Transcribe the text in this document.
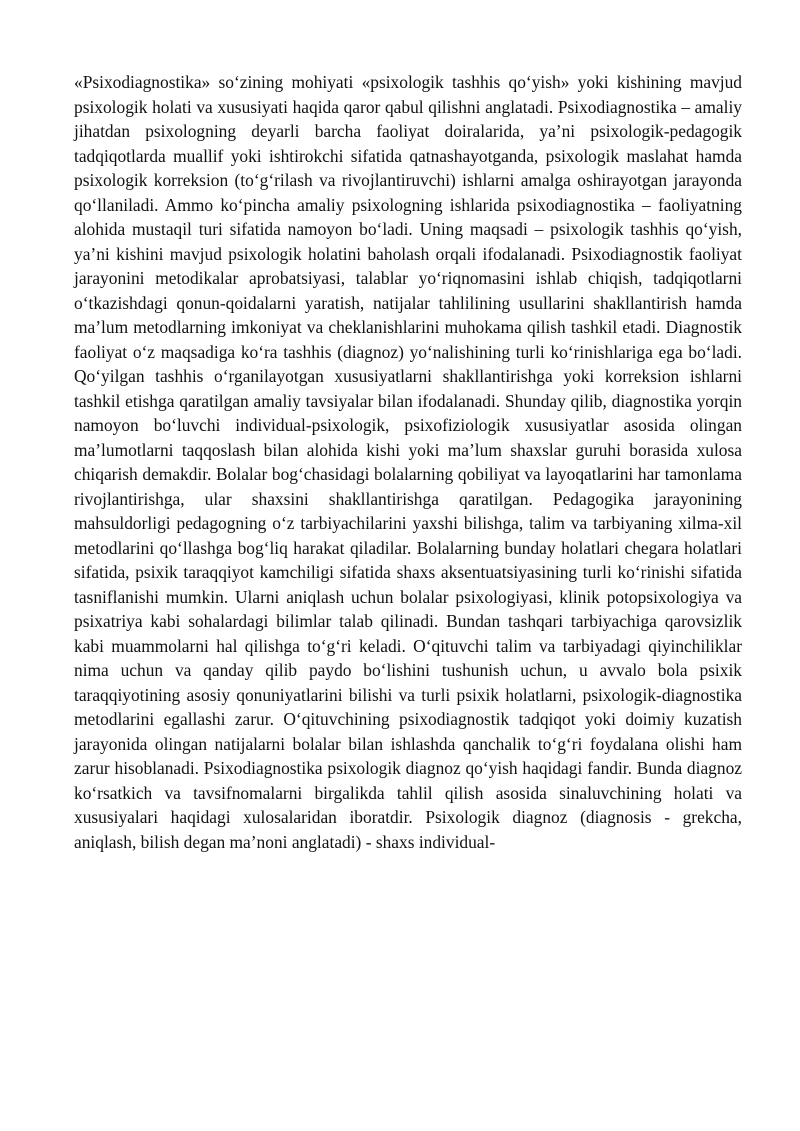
«Psixodiagnostika» soʻzining mohiyati «psixologik tashhis qoʻyish» yoki kishining mavjud psixologik holati va xususiyati haqida qaror qabul qilishni anglatadi. Psixodiagnostika – amaliy jihatdan psixologning deyarli barcha faoliyat doiralarida, ya’ni psixologik-pedagogik tadqiqotlarda muallif yoki ishtirokchi sifatida qatnashayotganda, psixologik maslahat hamda psixologik korreksion (toʻgʻrilash va rivojlantiruvchi) ishlarni amalga oshirayotgan jarayonda qoʻllaniladi. Ammo koʻpincha amaliy psixologning ishlarida psixodiagnostika – faoliyatning alohida mustaqil turi sifatida namoyon boʻladi. Uning maqsadi – psixologik tashhis qoʻyish, ya’ni kishini mavjud psixologik holatini baholash orqali ifodalanadi. Psixodiagnostik faoliyat jarayonini metodikalar aprobatsiyasi, talablar yoʻriqnomasini ishlab chiqish, tadqiqotlarni oʻtkazishdagi qonun-qoidalarni yaratish, natijalar tahlilining usullarini shakllantirish hamda ma’lum metodlarning imkoniyat va cheklanishlarini muhokama qilish tashkil etadi. Diagnostik faoliyat oʻz maqsadiga koʻra tashhis (diagnoz) yoʻnalishining turli koʻrinishlariga ega boʻladi. Qoʻyilgan tashhis oʻrganilayotgan xususiyatlarni shakllantirishga yoki korreksion ishlarni tashkil etishga qaratilgan amaliy tavsiyalar bilan ifodalanadi. Shunday qilib, diagnostika yorqin namoyon boʻluvchi individual-psixologik, psixofiziologik xususiyatlar asosida olingan ma’lumotlarni taqqoslash bilan alohida kishi yoki ma’lum shaxslar guruhi borasida xulosa chiqarish demakdir. Bolalar bogʻchasidagi bolalarning qobiliyat va layoqatlarini har tamonlama rivojlantirishga, ular shaxsini shakllantirishga qaratilgan. Pedagogika jarayonining mahsuldorligi pedagogning oʻz tarbiyachilarini yaxshi bilishga, talim va tarbiyaning xilma-xil metodlarini qoʻllashga bogʻliq harakat qiladilar. Bolalarning bunday holatlari chegara holatlari sifatida, psixik taraqqiyot kamchiligi sifatida shaxs aksentuatsiyasining turli koʻrinishi sifatida tasniflanishi mumkin. Ularni aniqlash uchun bolalar psixologiyasi, klinik potopsixologiya va psixatriya kabi sohalardagi bilimlar talab qilinadi. Bundan tashqari tarbiyachiga qarovsizlik kabi muammolarni hal qilishga toʻgʻri keladi. Oʻqituvchi talim va tarbiyadagi qiyinchiliklar nima uchun va qanday qilib paydo boʻlishini tushunish uchun, u avvalo bola psixik taraqqiyotining asosiy qonuniyatlarini bilishi va turli psixik holatlarni, psixologik-diagnostika metodlarini egallashi zarur. Oʻqituvchining psixodiagnostik tadqiqot yoki doimiy kuzatish jarayonida olingan natijalarni bolalar bilan ishlashda qanchalik toʻgʻri foydalana olishi ham zarur hisoblanadi. Psixodiagnostika psixologik diagnoz qoʻyish haqidagi fandir. Bunda diagnoz koʻrsatkich va tavsifnomalarni birgalikda tahlil qilish asosida sinaluvchining holati va xususiyalari haqidagi xulosalaridan iboratdir. Psixologik diagnoz (diagnosis - grekcha, aniqlash, bilish degan ma’noni anglatadi) - shaxs individual-
